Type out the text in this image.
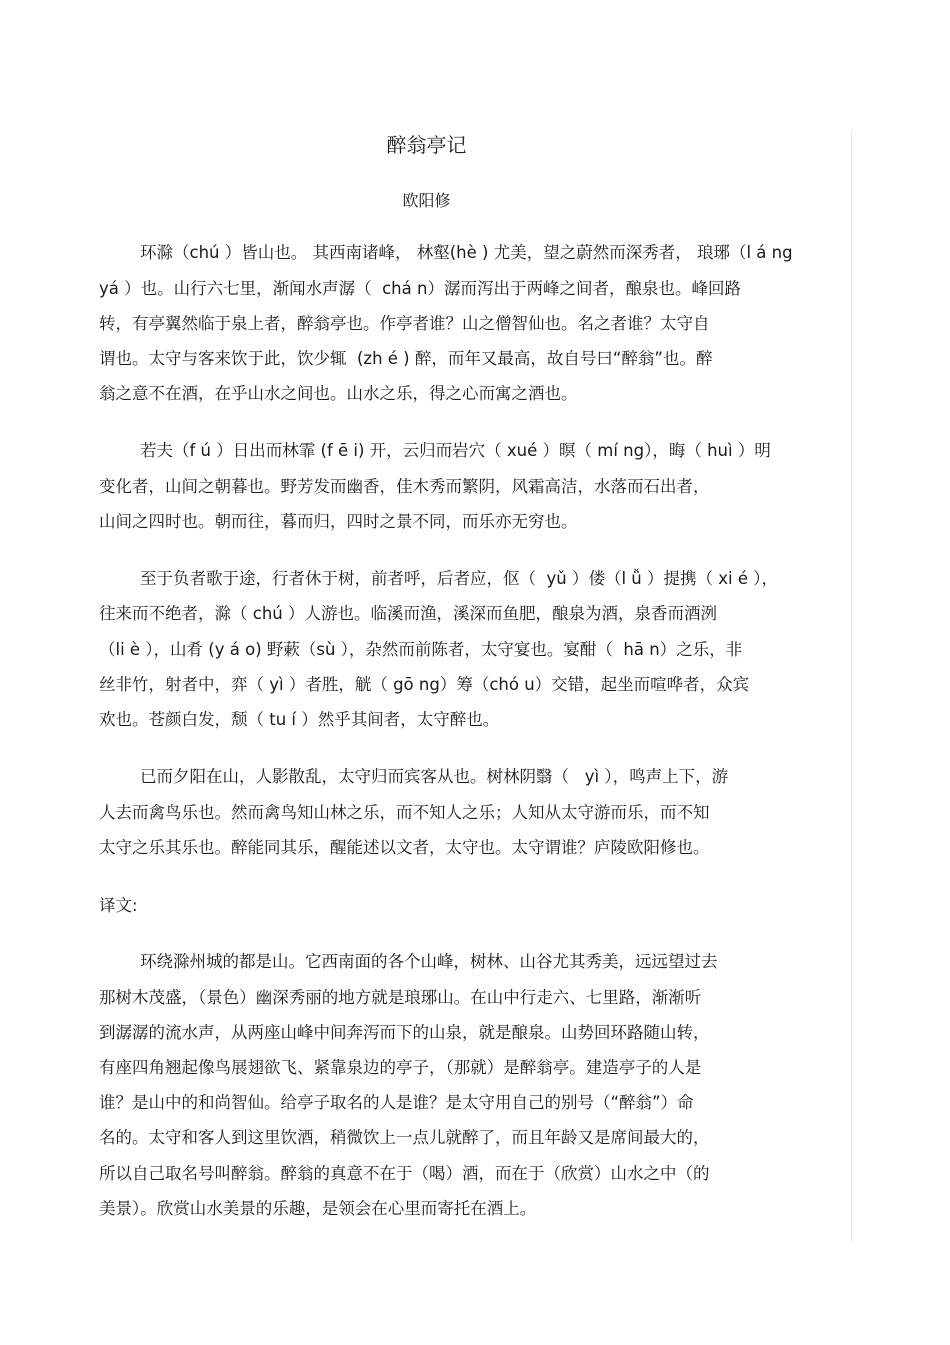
醉翁亭记
欧阳修
环滁（chú ）皆山也。 其西南诸峰， 林壑(hè ) 尤美，望之蔚然而深秀者， 琅琊（l á ng
yá ）也。山行六七里，渐闻水声潺（  chá n）潺而泻出于两峰之间者，酿泉也。峰回路
转，有亭翼然临于泉上者，醉翁亭也。作亭者谁？山之僧智仙也。名之者谁？太守自
谓也。太守与客来饮于此，饮少辄  (zh é ) 醉，而年又最高，故自号曰“醉翁”也。醉
翁之意不在酒，在乎山水之间也。山水之乐，得之心而寓之酒也。
若夫（f ú ）日出而林霏 (f ē i) 开，云归而岩穴（ xué ）暝（ mí ng），晦（ huì ）明
变化者，山间之朝暮也。野芳发而幽香，佳木秀而繁阴，风霜高洁，水落而石出者，
山间之四时也。朝而往，暮而归，四时之景不同，而乐亦无穷也。
至于负者歌于途，行者休于树，前者呼，后者应，伛（  yǔ ）偻（l ǚ ）提携（ xi é ），
往来而不绝者，滁（ chú ）人游也。临溪而渔，溪深而鱼肥，酿泉为酒，泉香而酒洌
（li è ），山肴 (y á o) 野蔌（sù ），杂然而前陈者，太守宴也。宴酣（  hā n）之乐，非
丝非竹，射者中，弈（ yì ）者胜，觥（ gō ng）筹（chó u）交错，起坐而喧哗者，众宾
欢也。苍颜白发，颓（ tu í ）然乎其间者，太守醉也。
已而夕阳在山，人影散乱，太守归而宾客从也。树林阴翳（   yì ），鸣声上下，游
人去而禽鸟乐也。然而禽鸟知山林之乐，而不知人之乐；人知从太守游而乐，而不知
太守之乐其乐也。醉能同其乐，醒能述以文者，太守也。太守谓谁？庐陵欧阳修也。
译文:
环绕滁州城的都是山。它西南面的各个山峰，树林、山谷尤其秀美，远远望过去
那树木茂盛，（景色）幽深秀丽的地方就是琅琊山。在山中行走六、七里路，渐渐听
到潺潺的流水声，从两座山峰中间奔泻而下的山泉，就是酿泉。山势回环路随山转，
有座四角翘起像鸟展翅欲飞、紧靠泉边的亭子，（那就）是醉翁亭。建造亭子的人是
谁？是山中的和尚智仙。给亭子取名的人是谁？是太守用自己的别号（“醉翁”）命
名的。太守和客人到这里饮酒，稍微饮上一点儿就醉了，而且年龄又是席间最大的，
所以自己取名号叫醉翁。醉翁的真意不在于（喝）酒，而在于（欣赏）山水之中（的
美景）。欣赏山水美景的乐趣，是领会在心里而寄托在酒上。
